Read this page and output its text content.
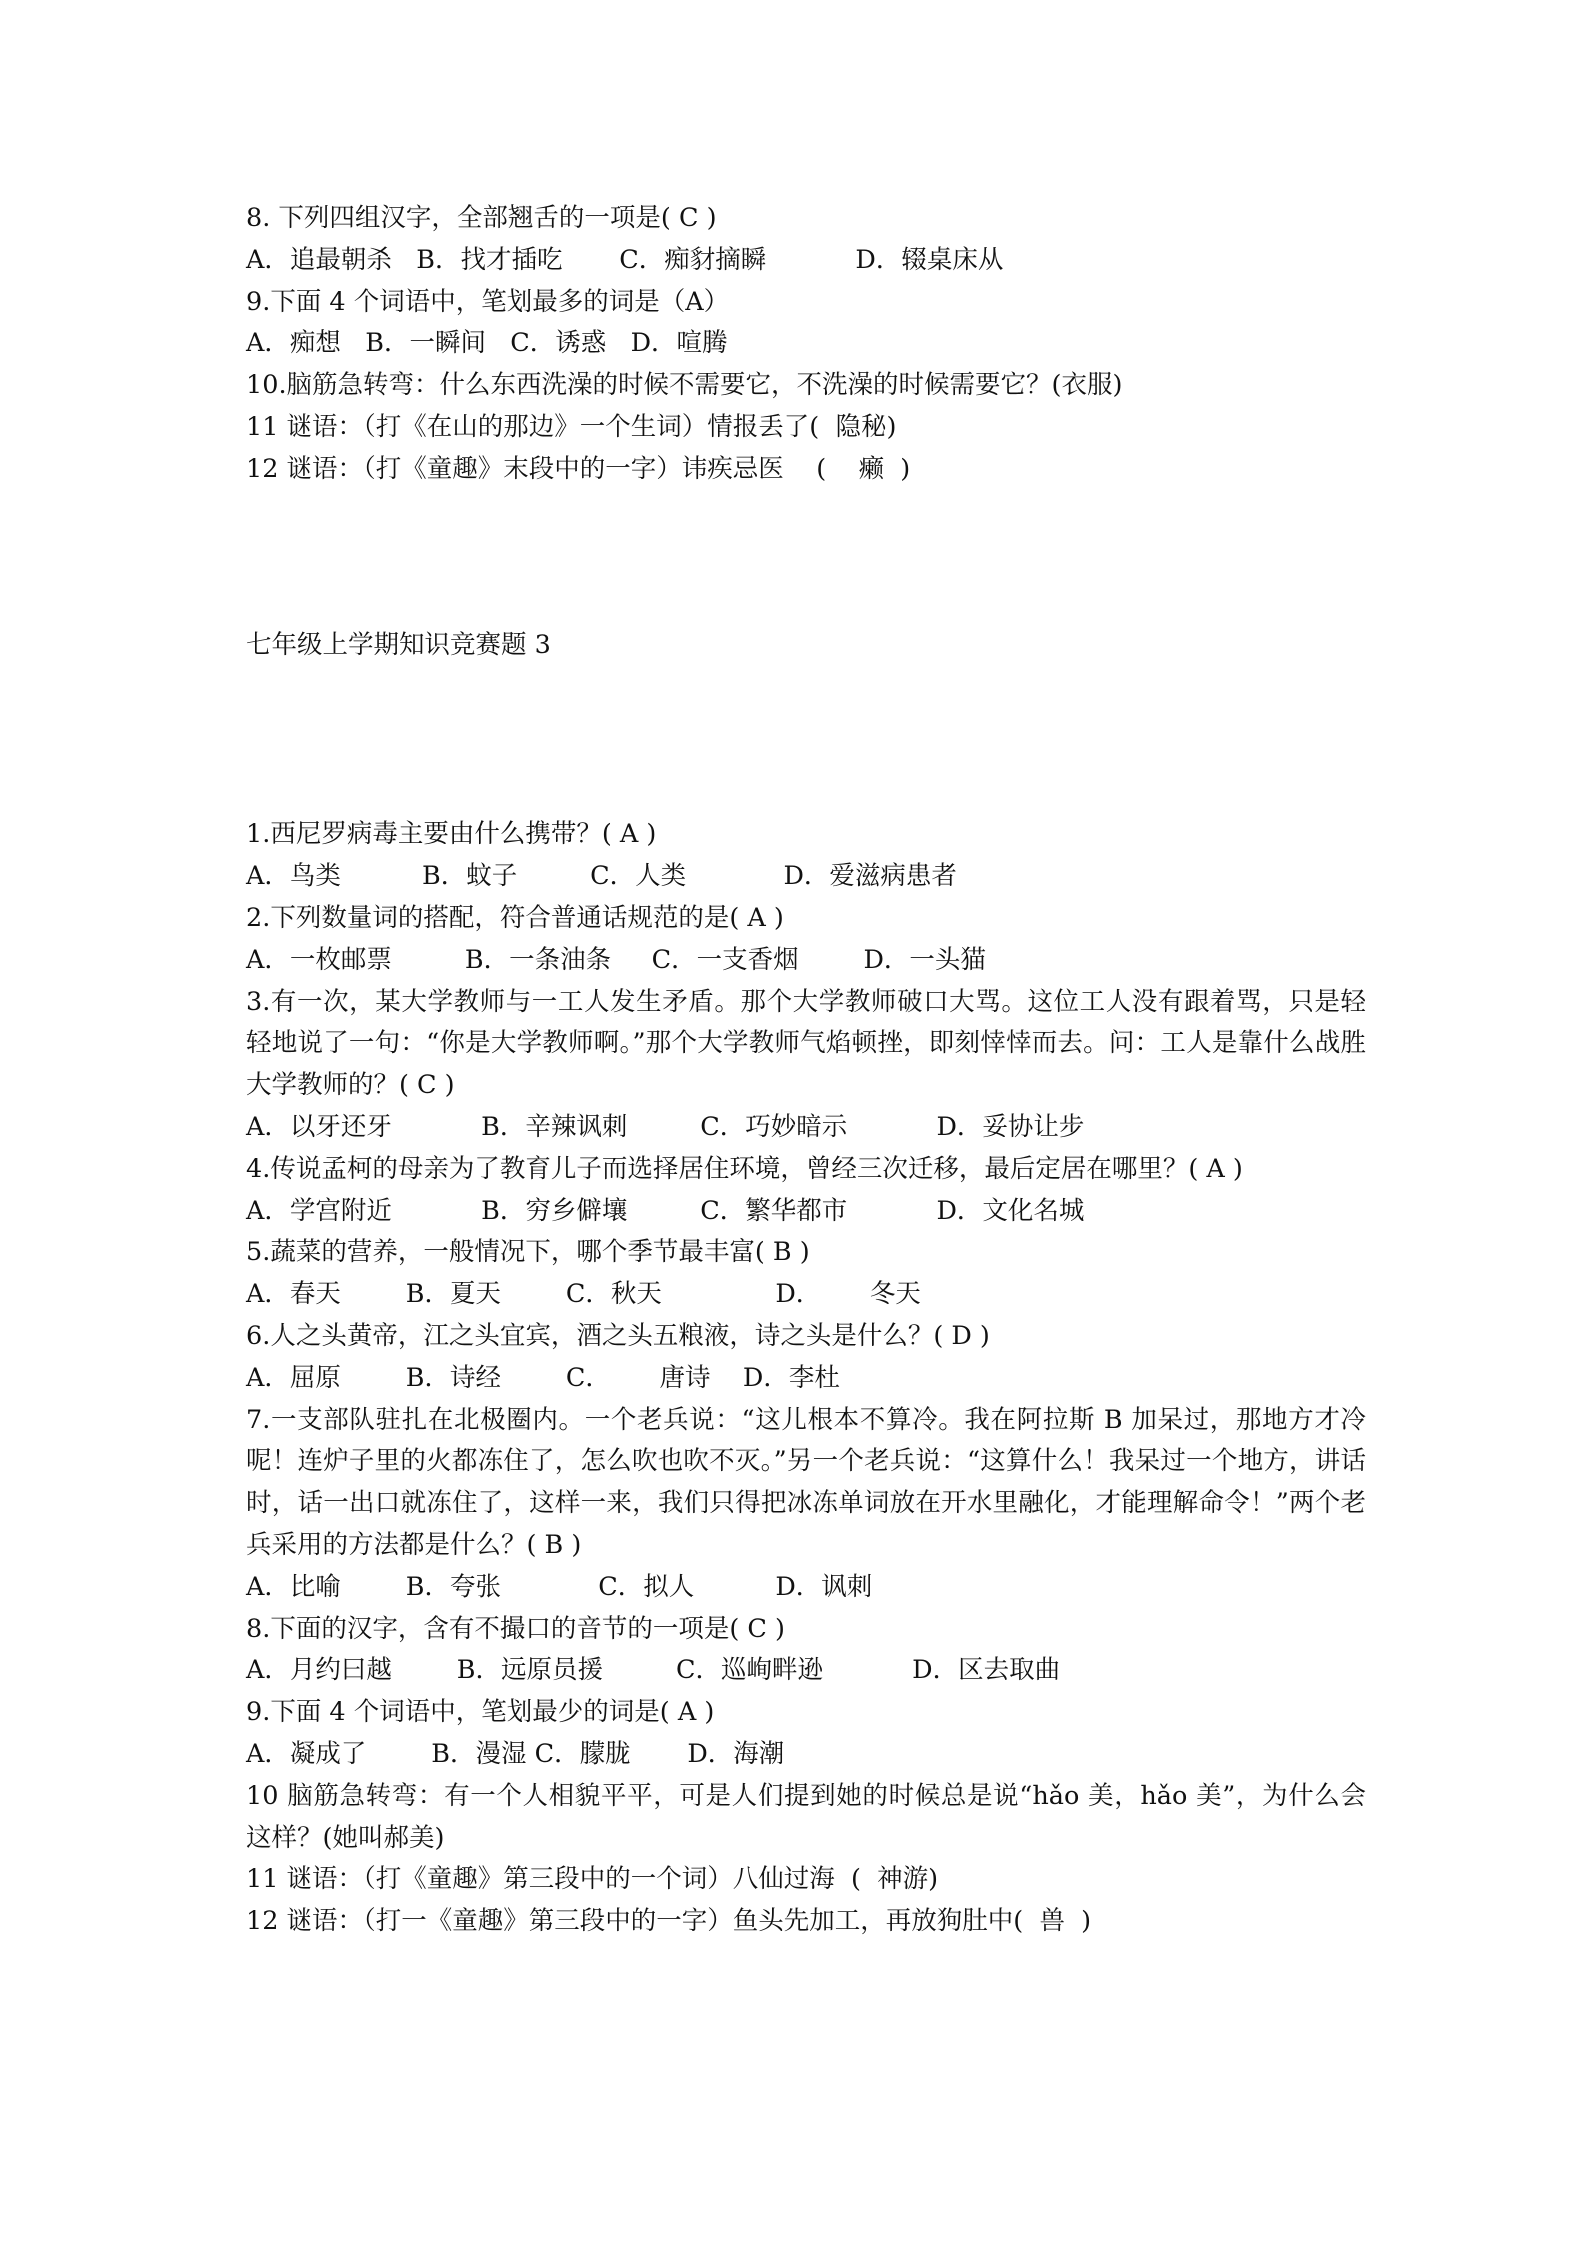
8. 下列四组汉字，全部翘舌的一项是( C )

A．追最朝杀   B．找才插吃       C．痴豺摘瞬           D．辍桌床从

9.下面 4 个词语中，笔划最多的词是（A）

A．痴想   B．一瞬间   C．诱惑   D．喧腾

10.脑筋急转弯：什么东西洗澡的时候不需要它，不洗澡的时候需要它？(衣服)

11 谜语：（打《在山的那边》一个生词）情报丢了(  隐秘)

12 谜语：（打《童趣》末段中的一字）讳疾忌医    (    癞  )

七年级上学期知识竞赛题 3

1.西尼罗病毒主要由什么携带？( A )

A．鸟类          B．蚊子         C．人类            D．爱滋病患者

2.下列数量词的搭配，符合普通话规范的是( A )

A．一枚邮票         B．一条油条     C．一支香烟        D．一头猫

3.有一次，某大学教师与一工人发生矛盾。那个大学教师破口大骂。这位工人没有跟着骂，只是轻轻地说了一句：“你是大学教师啊。”那个大学教师气焰顿挫，即刻悻悻而去。问：工人是靠什么战胜大学教师的？( C )

A．以牙还牙           B．辛辣讽刺         C．巧妙暗示           D．妥协让步

4.传说孟柯的母亲为了教育儿子而选择居住环境，曾经三次迁移，最后定居在哪里？( A )

A．学宫附近           B．穷乡僻壤         C．繁华都市           D．文化名城

5.蔬菜的营养，一般情况下，哪个季节最丰富( B )

A．春天        B．夏天        C．秋天              D．      冬天

6.人之头黄帝，江之头宜宾，酒之头五粮液，诗之头是什么？( D )

A．屈原        B．诗经        C．      唐诗    D．李杜

7.一支部队驻扎在北极圈内。一个老兵说：“这儿根本不算冷。我在阿拉斯 B 加呆过，那地方才冷呢！连炉子里的火都冻住了，怎么吹也吹不灭。”另一个老兵说：“这算什么！我呆过一个地方，讲话时，话一出口就冻住了，这样一来，我们只得把冰冻单词放在开水里融化，才能理解命令！”两个老兵采用的方法都是什么？( B )

A．比喻        B．夸张            C．拟人          D．讽刺

8.下面的汉字，含有不撮口的音节的一项是( C )

A．月约曰越        B．远原员援         C．巡峋畔逊           D．区去取曲

9.下面 4 个词语中，笔划最少的词是( A )

A．凝成了        B．漫湿 C．朦胧       D．海潮

10 脑筋急转弯：有一个人相貌平平，可是人们提到她的时候总是说“hǎo 美，hǎo 美”，为什么会这样？(她叫郝美)

11 谜语：（打《童趣》第三段中的一个词）八仙过海  (  神游)

12 谜语：（打一《童趣》第三段中的一字）鱼头先加工，再放狗肚中(  兽  )
